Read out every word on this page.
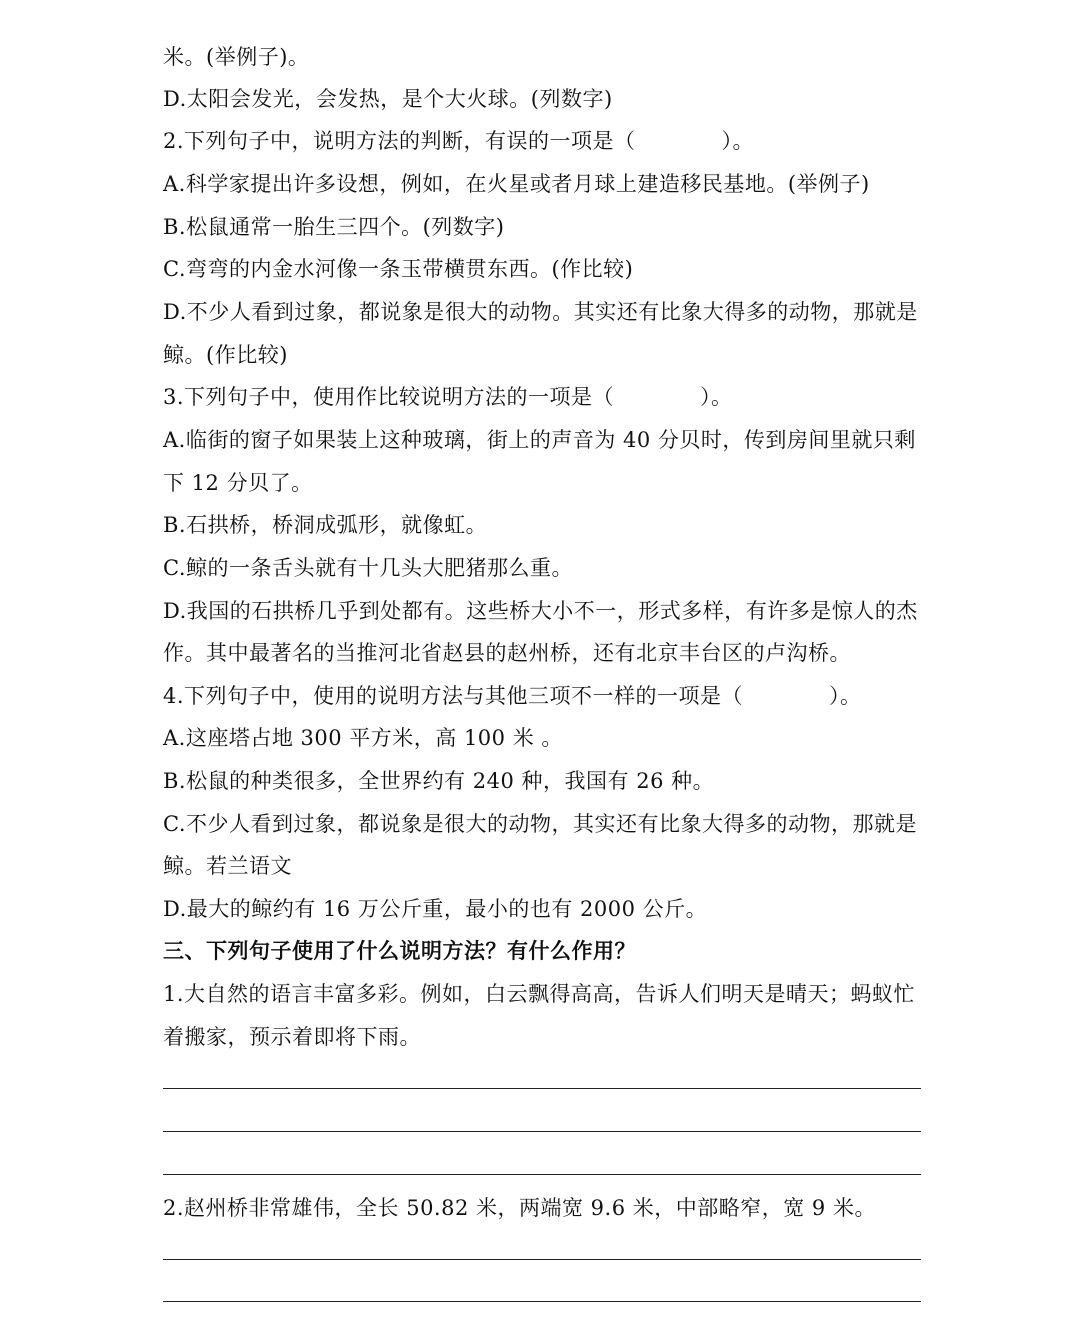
米。(举例子)。
D.太阳会发光，会发热，是个大火球。(列数字)
2.下列句子中，说明方法的判断，有误的一项是（　　　　）。
A.科学家提出许多设想，例如，在火星或者月球上建造移民基地。(举例子)
B.松鼠通常一胎生三四个。(列数字)
C.弯弯的内金水河像一条玉带横贯东西。(作比较)
D.不少人看到过象，都说象是很大的动物。其实还有比象大得多的动物，那就是
鲸。(作比较)
3.下列句子中，使用作比较说明方法的一项是（　　　　）。
A.临街的窗子如果装上这种玻璃，街上的声音为 40 分贝时，传到房间里就只剩
下 12 分贝了。
B.石拱桥，桥洞成弧形，就像虹。
C.鲸的一条舌头就有十几头大肥猪那么重。
D.我国的石拱桥几乎到处都有。这些桥大小不一，形式多样，有许多是惊人的杰
作。其中最著名的当推河北省赵县的赵州桥，还有北京丰台区的卢沟桥。
4.下列句子中，使用的说明方法与其他三项不一样的一项是（　　　　）。
A.这座塔占地 300 平方米，高 100 米 。
B.松鼠的种类很多，全世界约有 240 种，我国有 26 种。
C.不少人看到过象，都说象是很大的动物，其实还有比象大得多的动物，那就是
鲸。若兰语文
D.最大的鲸约有 16 万公斤重，最小的也有 2000 公斤。
三、下列句子使用了什么说明方法？有什么作用？
1.大自然的语言丰富多彩。例如，白云飘得高高，告诉人们明天是晴天；蚂蚁忙
着搬家，预示着即将下雨。
2.赵州桥非常雄伟，全长 50.82 米，两端宽 9.6 米，中部略窄，宽 9 米。
